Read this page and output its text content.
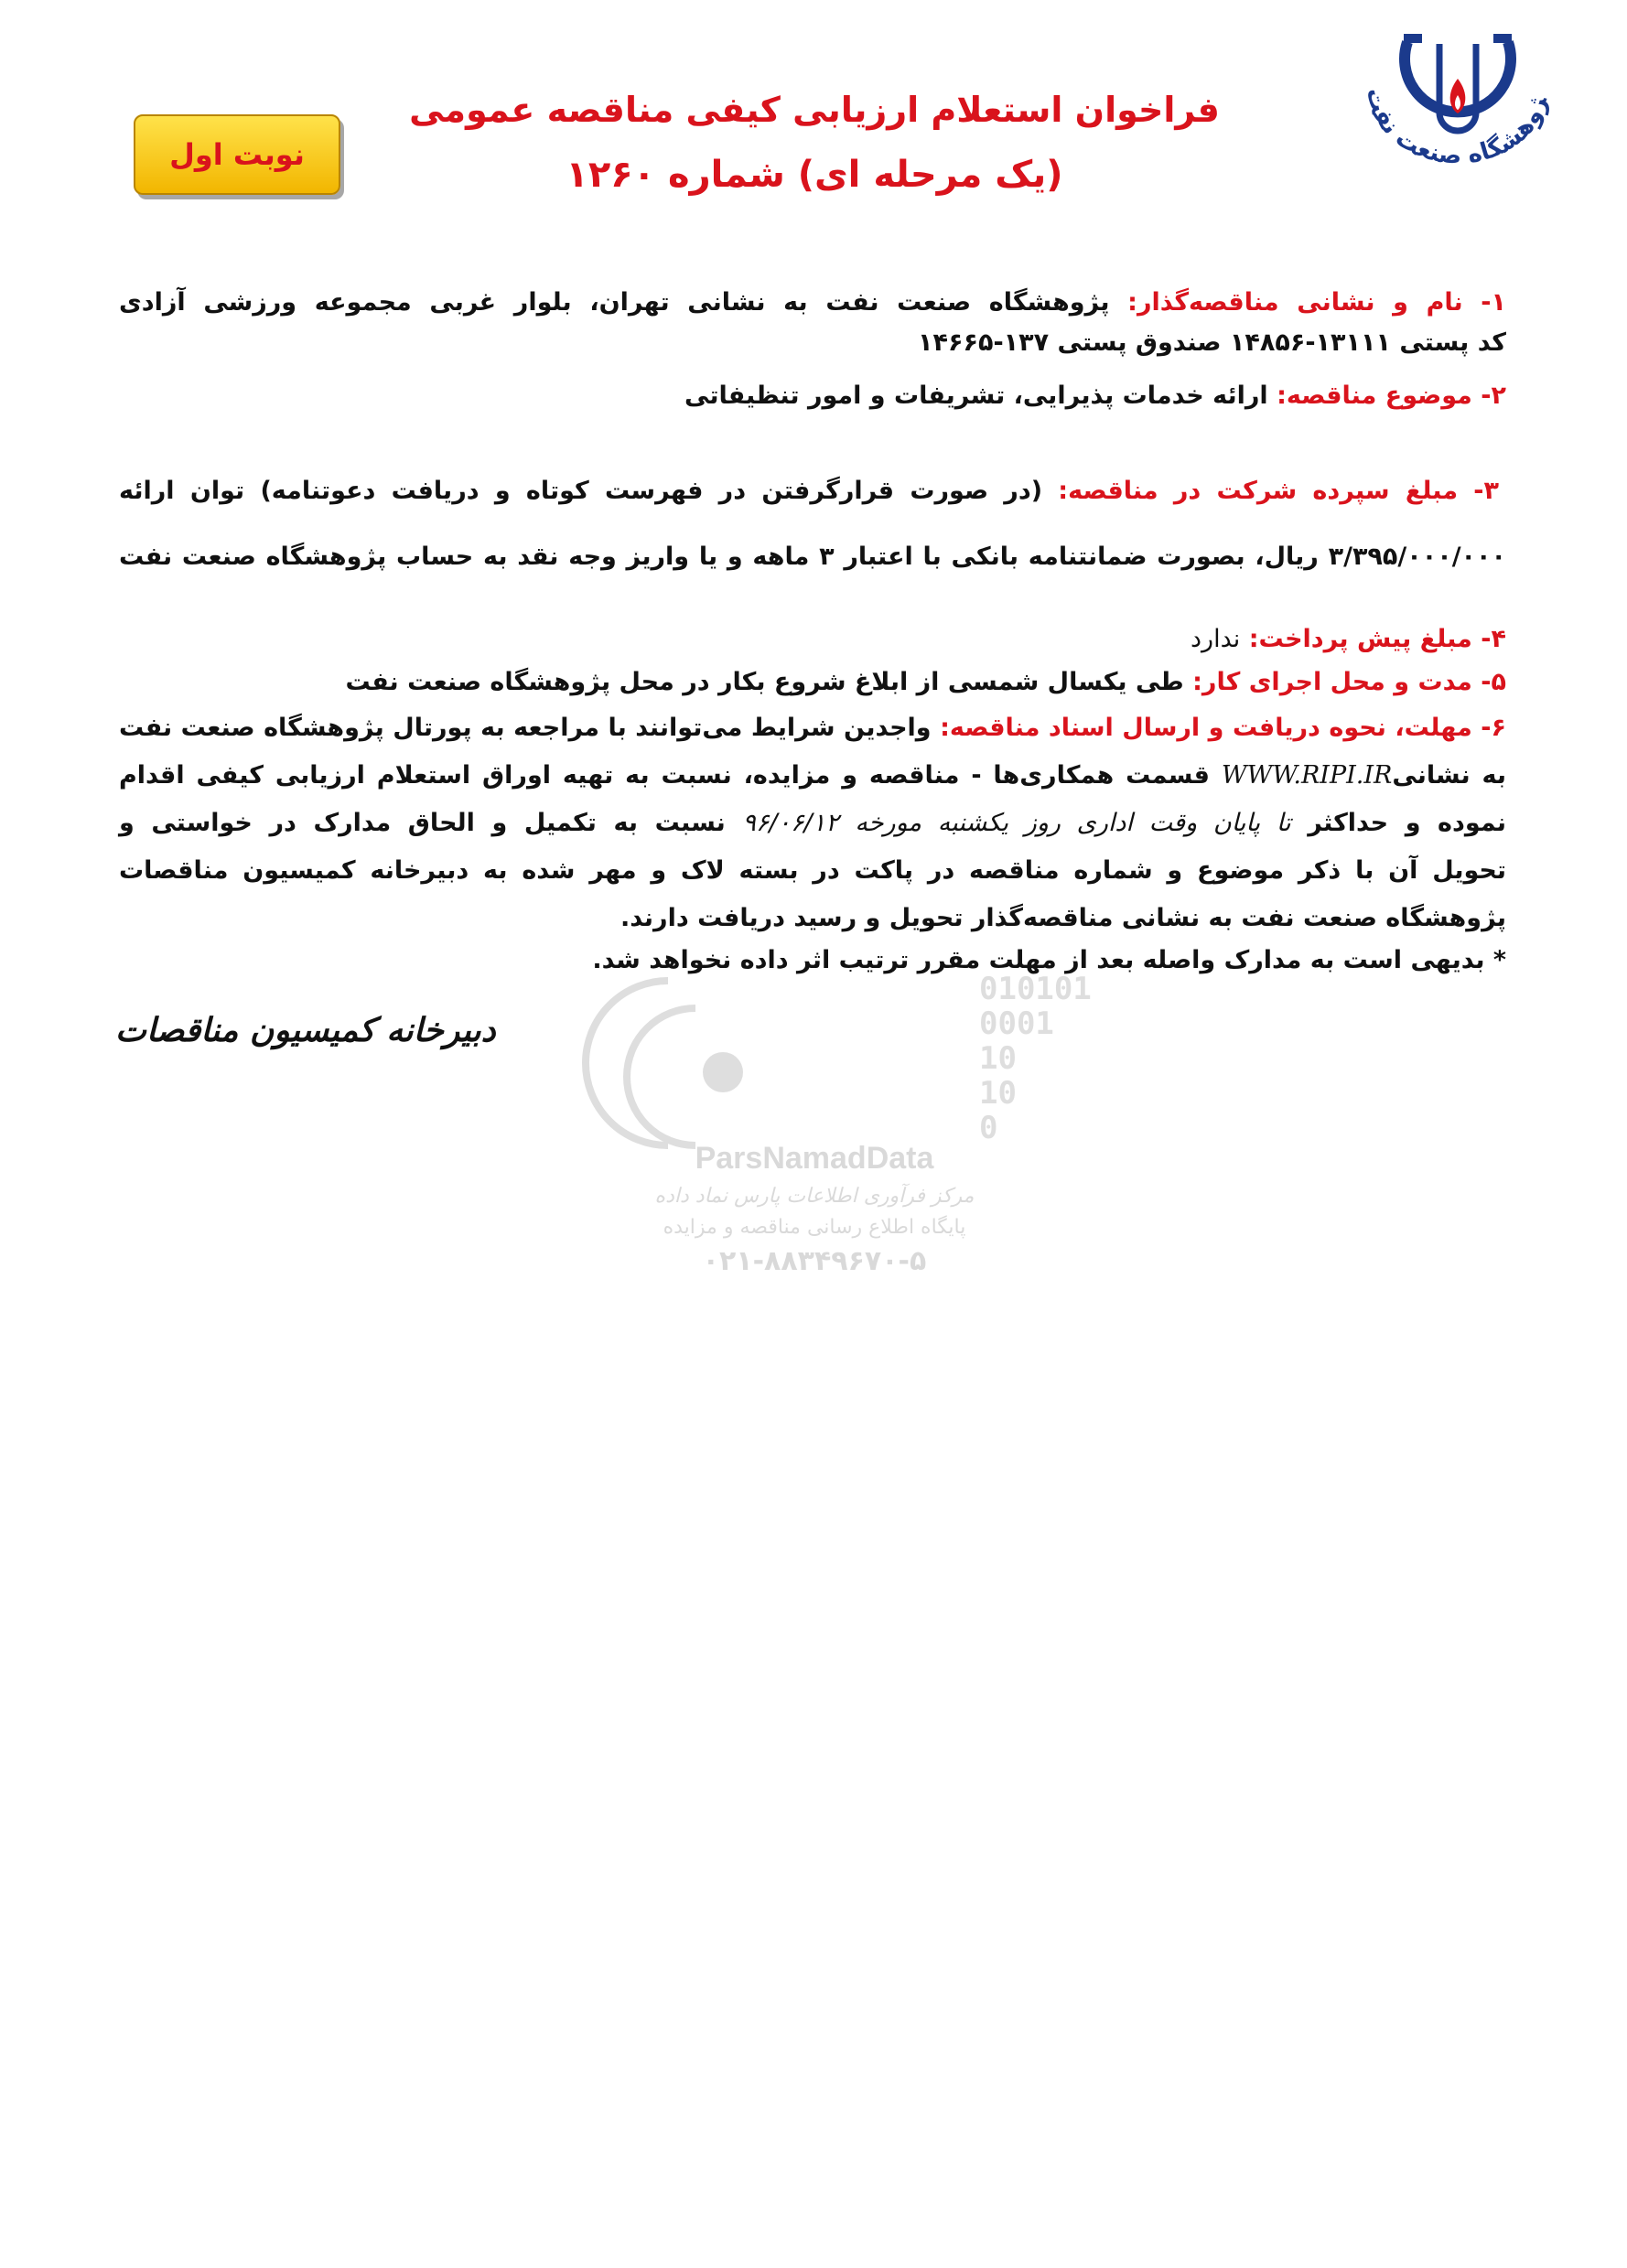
ژوهشگاه صنعت نفت
فراخوان استعلام ارزیابی کیفی مناقصه عمومی
(یک مرحله ای) شماره ۱۲۶۰
نوبت اول
۱- نام و نشانی مناقصه‌گذار: پژوهشگاه صنعت نفت به نشانی تهران، بلوار غربی مجموعه ورزشی آزادی
کد پستی ۱۳۱۱۱-۱۴۸۵۶ صندوق پستی ۱۳۷-۱۴۶۶۵
۲- موضوع مناقصه: ارائه خدمات پذیرایی، تشریفات و امور تنظیفاتی
۳- مبلغ سپرده شرکت در مناقصه: (در صورت قرارگرفتن در فهرست کوتاه و دریافت دعوتنامه) توان ارائه
۳/۳۹۵/۰۰۰/۰۰۰ ریال، بصورت ضمانتنامه بانکی با اعتبار ۳ ماهه و یا واریز وجه نقد به حساب پژوهشگاه صنعت نفت
۴- مبلغ پیش پرداخت: ندارد
۵- مدت و محل اجرای کار: طی یکسال شمسی از ابلاغ شروع بکار در محل پژوهشگاه صنعت نفت
۶- مهلت، نحوه دریافت و ارسال اسناد مناقصه: واجدین شرایط می‌توانند با مراجعه به پورتال پژوهشگاه صنعت نفت
به نشانیWWW.RIPI.IR قسمت همکاری‌ها - مناقصه و مزایده، نسبت به تهیه اوراق استعلام ارزیابی کیفی اقدام
نموده و حداکثر تا پایان وقت اداری روز یکشنبه مورخه ۹۶/۰۶/۱۲ نسبت به تکمیل و الحاق مدارک در خواستی و
تحویل آن با ذکر موضوع و شماره مناقصه در پاکت در بسته لاک و مهر شده به دبیرخانه کمیسیون مناقصات
پژوهشگاه صنعت نفت به نشانی مناقصه‌گذار تحویل و رسید دریافت دارند.
* بدیهی است به مدارک واصله بعد از مهلت مقرر ترتیب اثر داده نخواهد شد.
دبیرخانه کمیسیون مناقصات
010101
0001
10
10
0
ParsNamadData
مرکز فرآوری اطلاعات پارس نماد داده
پایگاه اطلاع رسانی مناقصه و مزایده
۰۲۱-۸۸۳۴۹۶۷۰-۵
